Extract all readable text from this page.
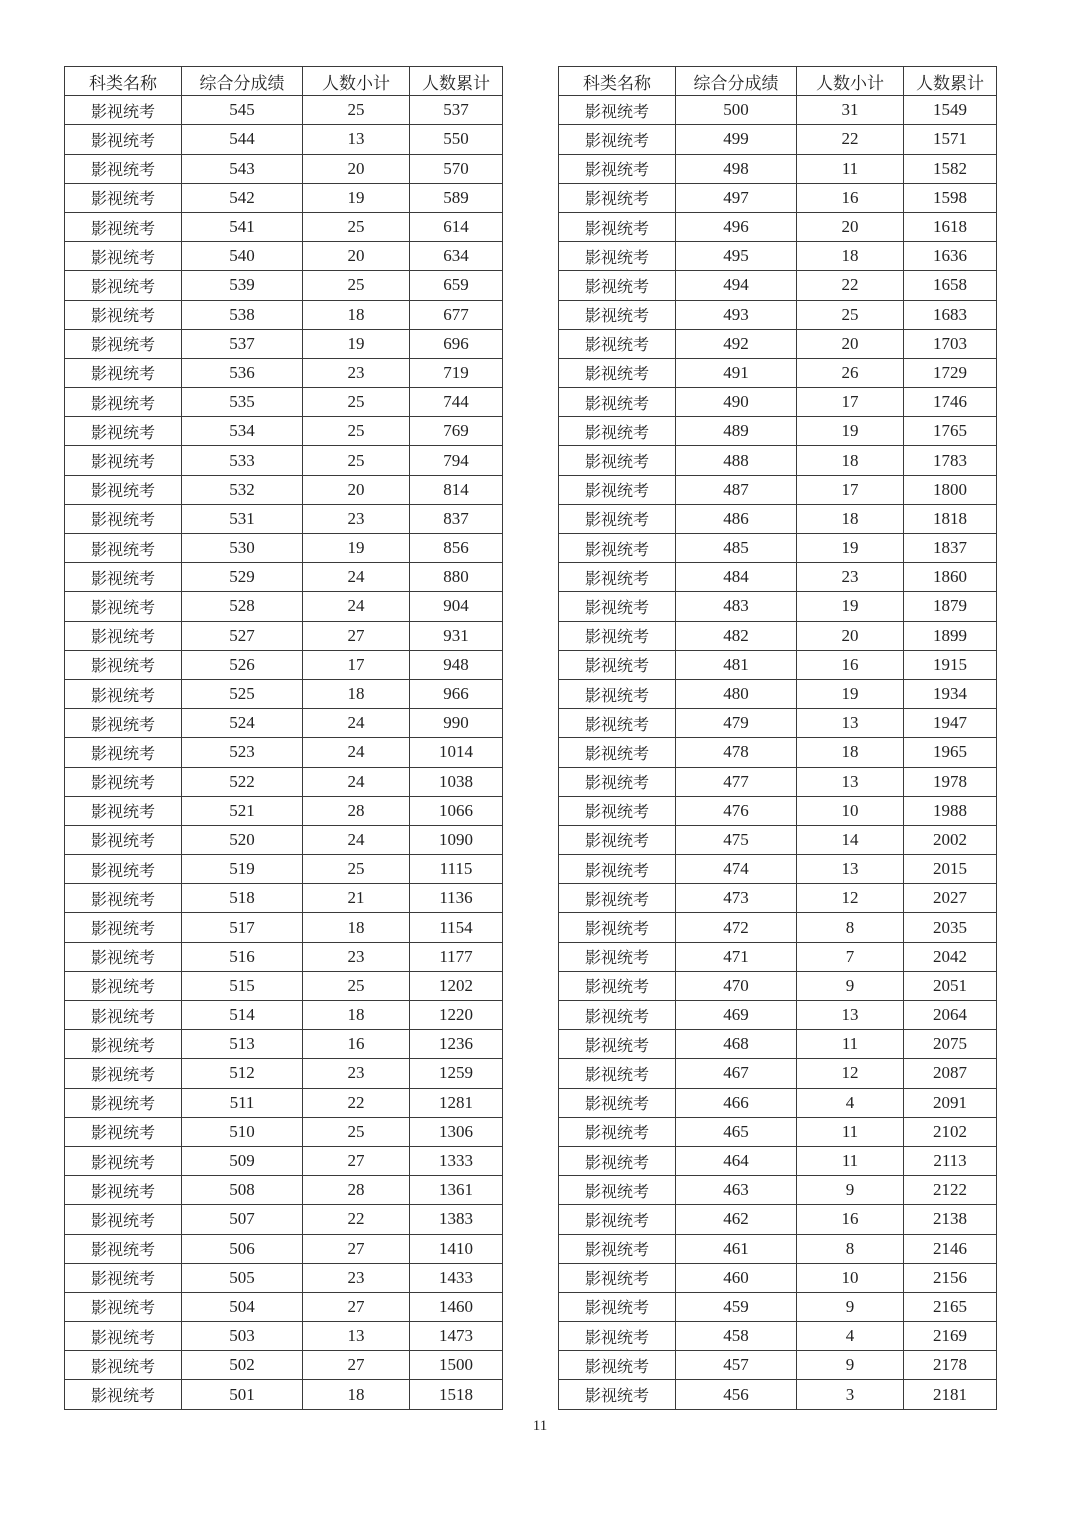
科类名称	综合分成绩	人数小计	人数累计
影视统考	545	25	537
影视统考	544	13	550
影视统考	543	20	570
影视统考	542	19	589
影视统考	541	25	614
影视统考	540	20	634
影视统考	539	25	659
影视统考	538	18	677
影视统考	537	19	696
影视统考	536	23	719
影视统考	535	25	744
影视统考	534	25	769
影视统考	533	25	794
影视统考	532	20	814
影视统考	531	23	837
影视统考	530	19	856
影视统考	529	24	880
影视统考	528	24	904
影视统考	527	27	931
影视统考	526	17	948
影视统考	525	18	966
影视统考	524	24	990
影视统考	523	24	1014
影视统考	522	24	1038
影视统考	521	28	1066
影视统考	520	24	1090
影视统考	519	25	1115
影视统考	518	21	1136
影视统考	517	18	1154
影视统考	516	23	1177
影视统考	515	25	1202
影视统考	514	18	1220
影视统考	513	16	1236
影视统考	512	23	1259
影视统考	511	22	1281
影视统考	510	25	1306
影视统考	509	27	1333
影视统考	508	28	1361
影视统考	507	22	1383
影视统考	506	27	1410
影视统考	505	23	1433
影视统考	504	27	1460
影视统考	503	13	1473
影视统考	502	27	1500
影视统考	501	18	1518
科类名称	综合分成绩	人数小计	人数累计
影视统考	500	31	1549
影视统考	499	22	1571
影视统考	498	11	1582
影视统考	497	16	1598
影视统考	496	20	1618
影视统考	495	18	1636
影视统考	494	22	1658
影视统考	493	25	1683
影视统考	492	20	1703
影视统考	491	26	1729
影视统考	490	17	1746
影视统考	489	19	1765
影视统考	488	18	1783
影视统考	487	17	1800
影视统考	486	18	1818
影视统考	485	19	1837
影视统考	484	23	1860
影视统考	483	19	1879
影视统考	482	20	1899
影视统考	481	16	1915
影视统考	480	19	1934
影视统考	479	13	1947
影视统考	478	18	1965
影视统考	477	13	1978
影视统考	476	10	1988
影视统考	475	14	2002
影视统考	474	13	2015
影视统考	473	12	2027
影视统考	472	8	2035
影视统考	471	7	2042
影视统考	470	9	2051
影视统考	469	13	2064
影视统考	468	11	2075
影视统考	467	12	2087
影视统考	466	4	2091
影视统考	465	11	2102
影视统考	464	11	2113
影视统考	463	9	2122
影视统考	462	16	2138
影视统考	461	8	2146
影视统考	460	10	2156
影视统考	459	9	2165
影视统考	458	4	2169
影视统考	457	9	2178
影视统考	456	3	2181
11
